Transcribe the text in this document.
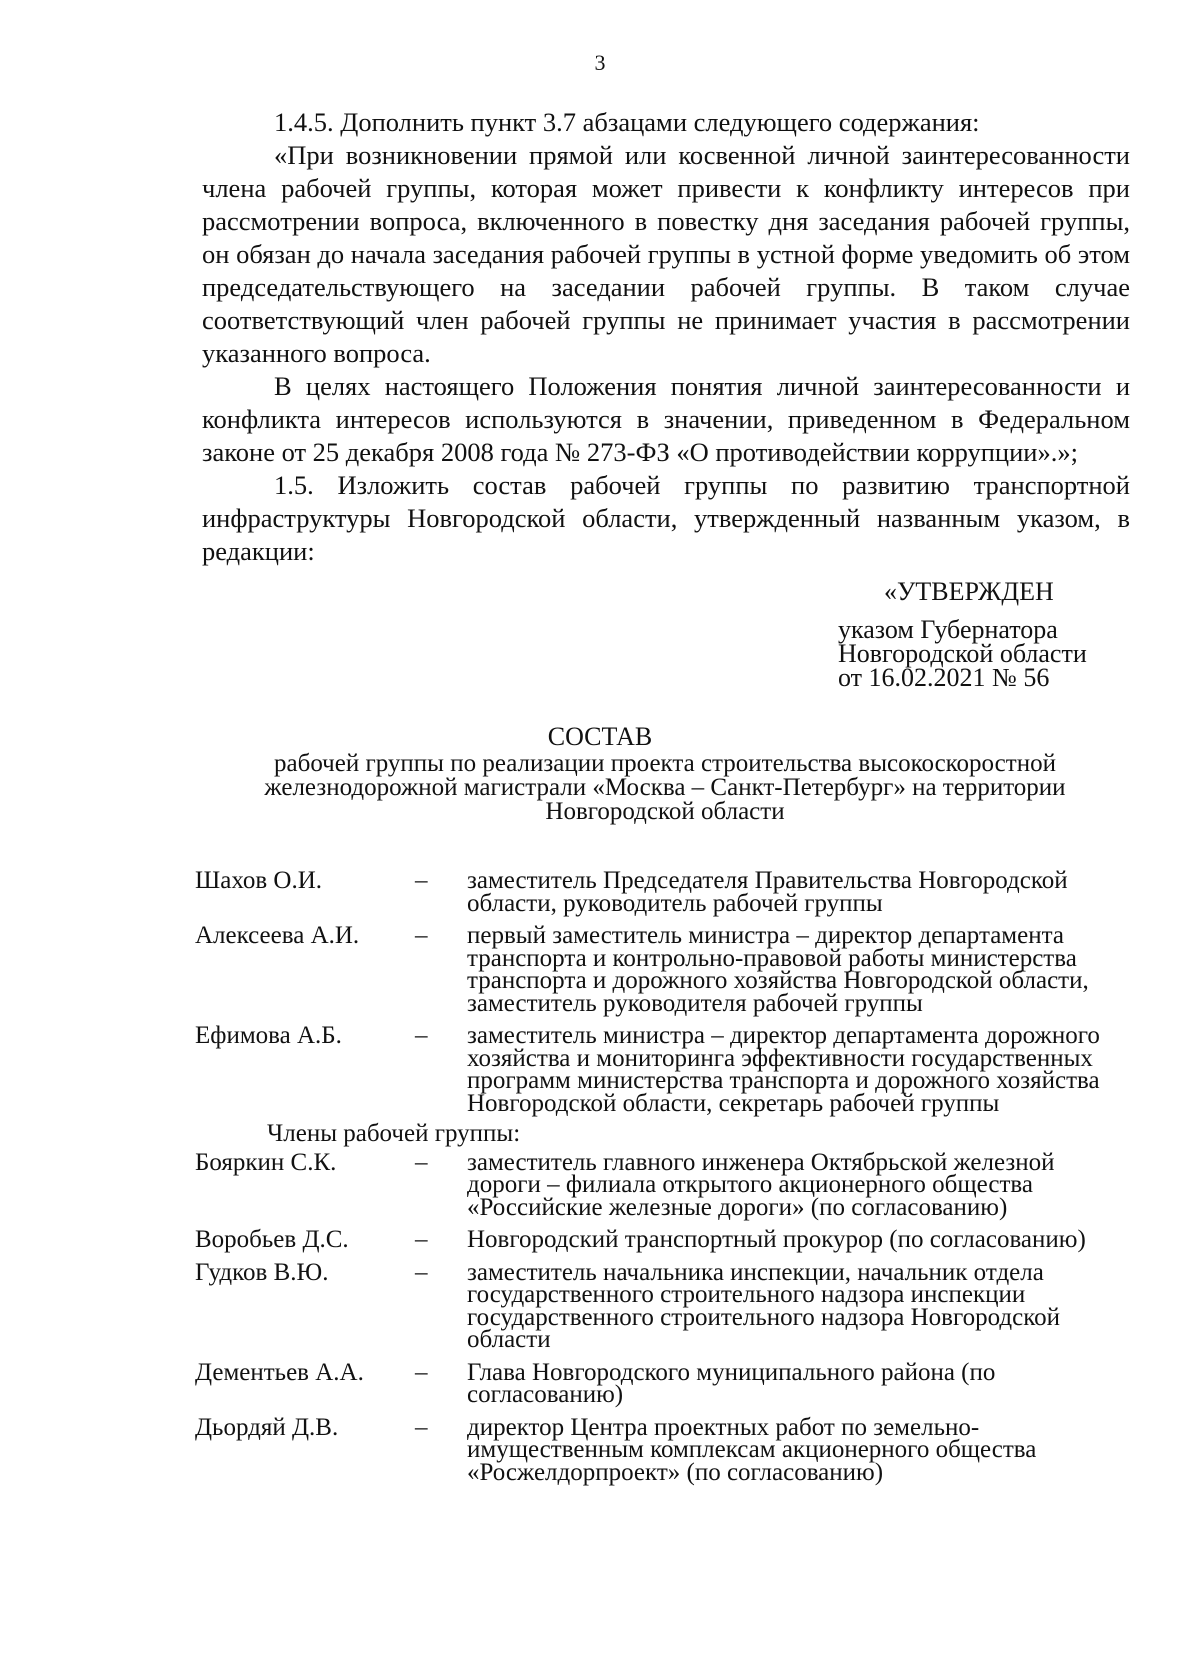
3

1.4.5. Дополнить пункт 3.7 абзацами следующего содержания:

«При возникновении прямой или косвенной личной заинтересованности члена рабочей группы, которая может привести к конфликту интересов при рассмотрении вопроса, включенного в повестку дня заседания рабочей группы, он обязан до начала заседания рабочей группы в устной форме уведомить об этом председательствующего на заседании рабочей группы. В таком случае соответствующий член рабочей группы не принимает участия в рассмотрении указанного вопроса.

В целях настоящего Положения понятия личной заинтересованности и конфликта интересов используются в значении, приведенном в Федеральном законе от 25 декабря 2008 года № 273-ФЗ «О противодействии коррупции».»;

1.5. Изложить состав рабочей группы по развитию транспортной инфраструктуры Новгородской области, утвержденный названным указом, в редакции:

«УТВЕРЖДЕН
указом Губернатора
Новгородской области
от 16.02.2021 № 56
СОСТАВ
рабочей группы по реализации проекта строительства высокоскоростной железнодорожной магистрали «Москва – Санкт-Петербург» на территории Новгородской области
Шахов О.И.	–	заместитель Председателя Правительства Новгородской области, руководитель рабочей группы
Алексеева А.И.	–	первый заместитель министра – директор департамента транспорта и контрольно-правовой работы министерства транспорта и дорожного хозяйства Новгородской области, заместитель руководителя рабочей группы
Ефимова А.Б.	–	заместитель министра – директор департамента дорожного хозяйства и мониторинга эффективности государственных программ министерства транспорта и дорожного хозяйства Новгородской области, секретарь рабочей группы
Члены рабочей группы:
Бояркин С.К.	–	заместитель главного инженера Октябрьской железной дороги – филиала открытого акционерного общества «Российские железные дороги» (по согласованию)
Воробьев Д.С.	–	Новгородский транспортный прокурор (по согласованию)
Гудков В.Ю.	–	заместитель начальника инспекции, начальник отдела государственного строительного надзора инспекции государственного строительного надзора Новгородской области
Дементьев А.А.	–	Глава Новгородского муниципального района (по согласованию)
Дьордяй Д.В.	–	директор Центра проектных работ по земельно-имущественным комплексам акционерного общества «Росжелдорпроект» (по согласованию)
